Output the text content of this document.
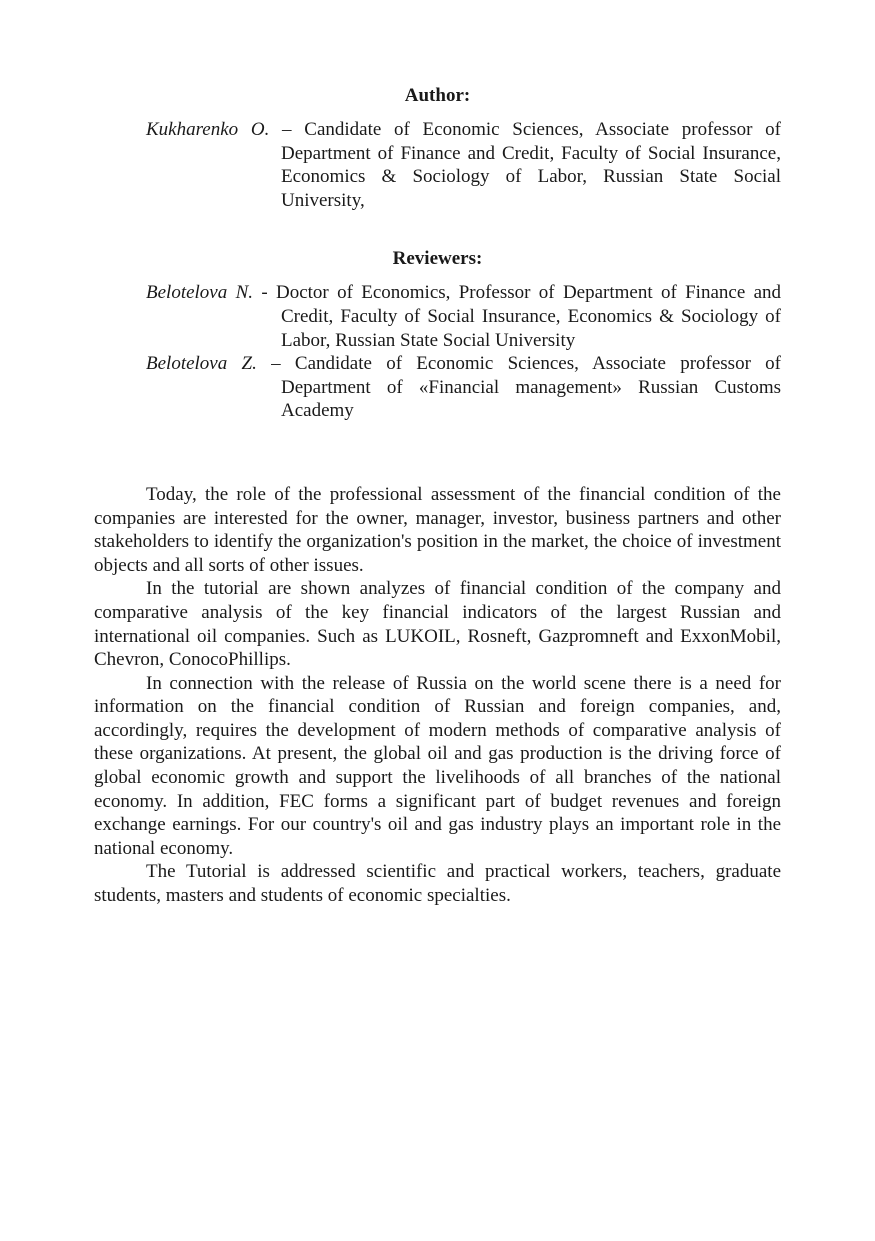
Author:
Kukharenko O. – Candidate of Economic Sciences, Associate professor of Department of Finance and Credit, Faculty of Social Insurance, Economics & Sociology of Labor, Russian State Social University,
Reviewers:
Belotelova N. - Doctor of Economics, Professor of Department of Finance and Credit, Faculty of Social Insurance, Economics & Sociology of Labor, Russian State Social University
Belotelova Z. – Candidate of Economic Sciences, Associate professor of Department of «Financial management» Russian Customs Academy

Today, the role of the professional assessment of the financial condition of the companies are interested for the owner, manager, investor, business partners and other stakeholders to identify the organization's position in the market, the choice of investment objects and all sorts of other issues.

In the tutorial are shown analyzes of financial condition of the company and comparative analysis of the key financial indicators of the largest Russian and international oil companies. Such as LUKOIL, Rosneft, Gazpromneft and ExxonMobil, Chevron, ConocoPhillips.

In connection with the release of Russia on the world scene there is a need for information on the financial condition of Russian and foreign companies, and, accordingly, requires the development of modern methods of comparative analysis of these organizations. At present, the global oil and gas production is the driving force of global economic growth and support the livelihoods of all branches of the national economy. In addition, FEC forms a significant part of budget revenues and foreign exchange earnings. For our country's oil and gas industry plays an important role in the national economy.

The Tutorial is addressed scientific and practical workers, teachers, graduate students, masters and students of economic specialties.
